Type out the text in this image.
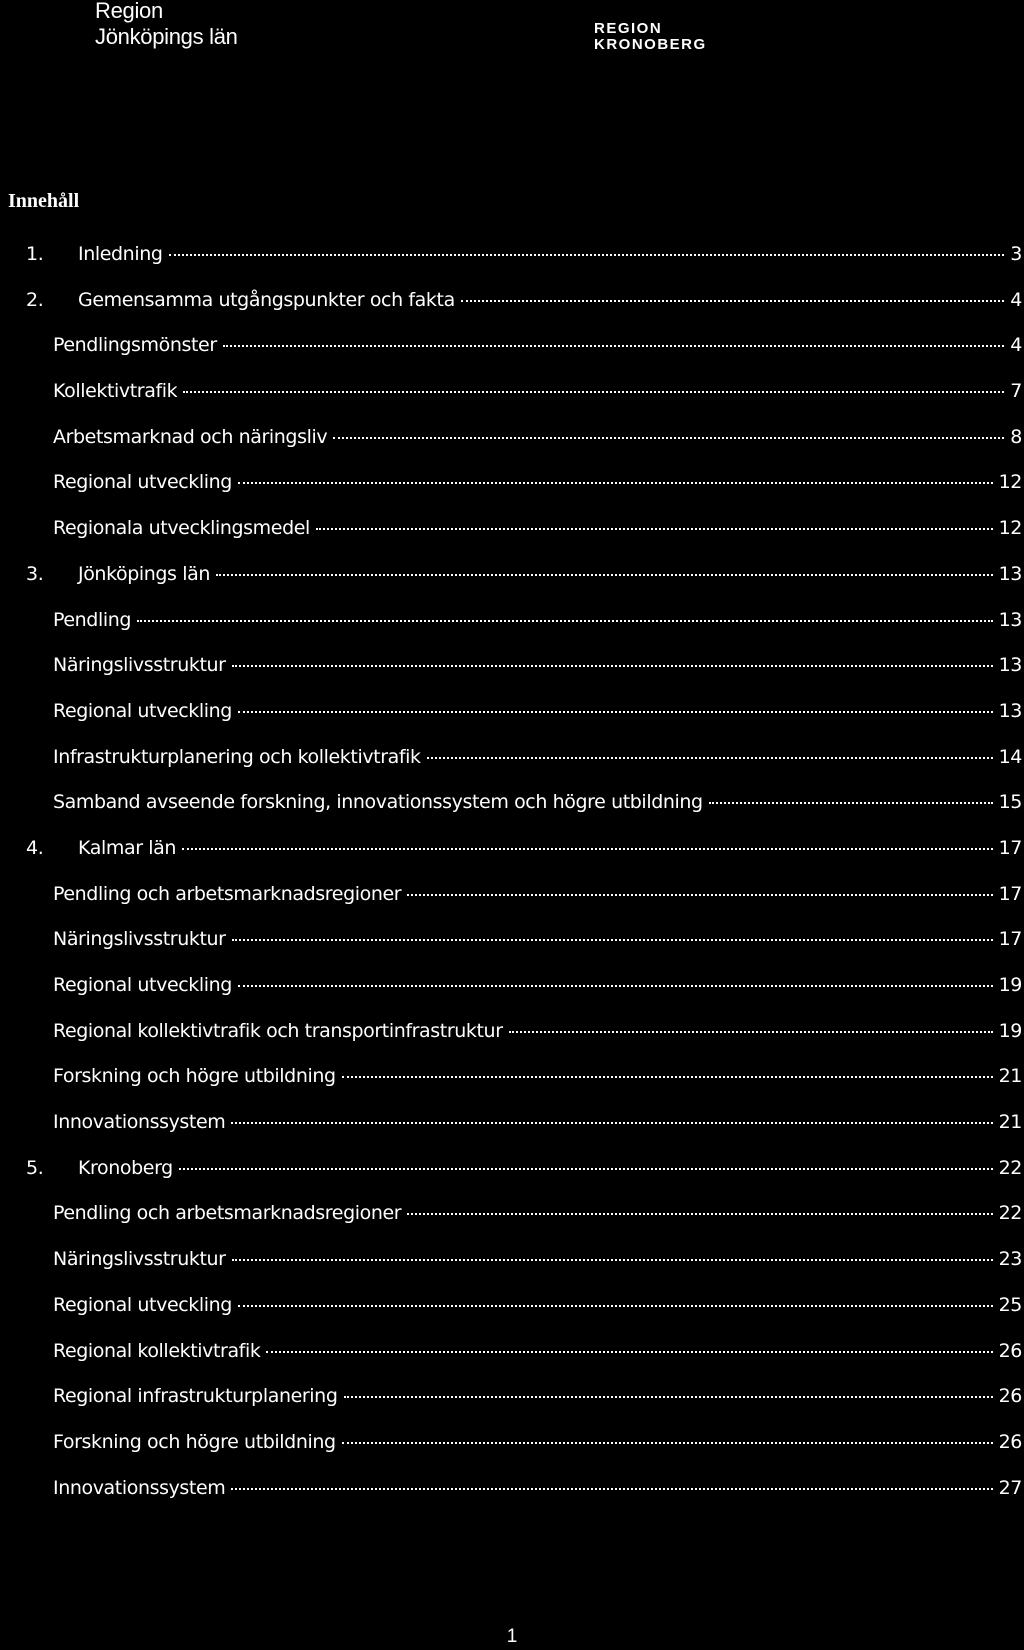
Region
Jönköpings län	REGION
KRONOBERG
Innehåll
1.	Inledning	3
2.	Gemensamma utgångspunkter och fakta	4
Pendlingsmönster	4
Kollektivtrafik	7
Arbetsmarknad och näringsliv	8
Regional utveckling	12
Regionala utvecklingsmedel	12
3.	Jönköpings län	13
Pendling	13
Näringslivsstruktur	13
Regional utveckling	13
Infrastrukturplanering och kollektivtrafik	14
Samband avseende forskning, innovationssystem och högre utbildning	15
4.	Kalmar län	17
Pendling och arbetsmarknadsregioner	17
Näringslivsstruktur	17
Regional utveckling	19
Regional kollektivtrafik och transportinfrastruktur	19
Forskning och högre utbildning	21
Innovationssystem	21
5.	Kronoberg	22
Pendling och arbetsmarknadsregioner	22
Näringslivsstruktur	23
Regional utveckling	25
Regional kollektivtrafik	26
Regional infrastrukturplanering	26
Forskning och högre utbildning	26
Innovationssystem	27
1
